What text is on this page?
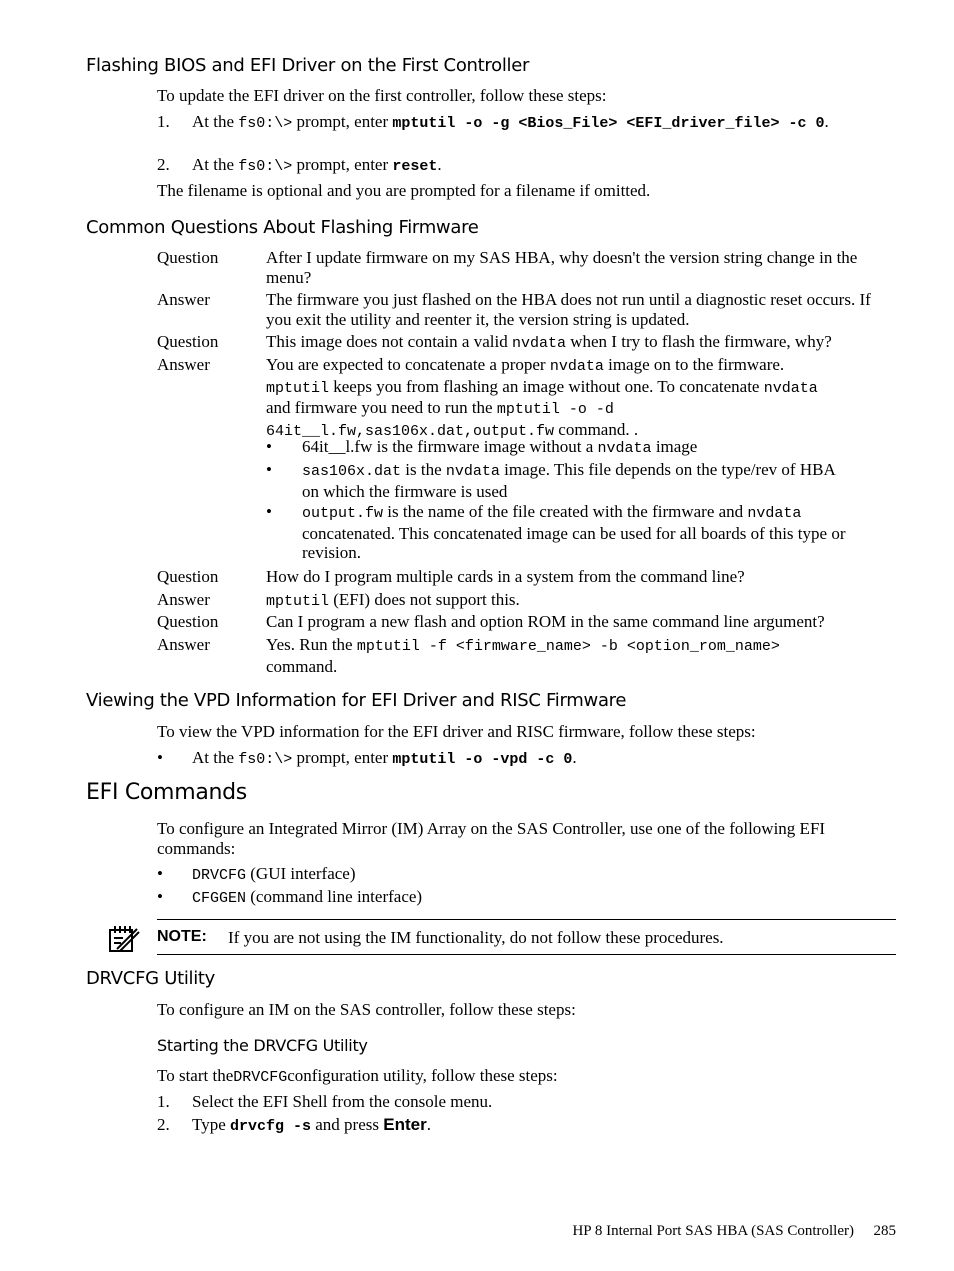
Flashing BIOS and EFI Driver on the First Controller
To update the EFI driver on the first controller, follow these steps:
1. At the fs0:\> prompt, enter mptutil -o -g <Bios_File> <EFI_driver_file> -c 0.
2. At the fs0:\> prompt, enter reset.
The filename is optional and you are prompted for a filename if omitted.
Common Questions About Flashing Firmware
Question	After I update firmware on my SAS HBA, why doesn't the version string change in the menu?
Answer	The firmware you just flashed on the HBA does not run until a diagnostic reset occurs. If you exit the utility and reenter it, the version string is updated.
Question	This image does not contain a valid nvdata when I try to flash the firmware, why?
Answer	You are expected to concatenate a proper nvdata image on to the firmware.
mptutil keeps you from flashing an image without one. To concatenate nvdata
and firmware you need to run the mptutil -o -d
64it__l.fw,sas106x.dat,output.fw command. .
• 64it__l.fw is the firmware image without a nvdata image
• sas106x.dat is the nvdata image. This file depends on the type/rev of HBA
on which the firmware is used
• output.fw is the name of the file created with the firmware and nvdata
concatenated. This concatenated image can be used for all boards of this type or revision.
Question	How do I program multiple cards in a system from the command line?
Answer	mptutil (EFI) does not support this.
Question	Can I program a new flash and option ROM in the same command line argument?
Answer	Yes. Run the mptutil -f <firmware_name> -b <option_rom_name>
command.
Viewing the VPD Information for EFI Driver and RISC Firmware
To view the VPD information for the EFI driver and RISC firmware, follow these steps:
• At the fs0:\> prompt, enter mptutil -o -vpd -c 0.
EFI Commands
To configure an Integrated Mirror (IM) Array on the SAS Controller, use one of the following EFI commands:
• DRVCFG (GUI interface)
• CFGGEN (command line interface)
NOTE: If you are not using the IM functionality, do not follow these procedures.
DRVCFG Utility
To configure an IM on the SAS controller, follow these steps:
Starting the DRVCFG Utility
To start theDRVCFGconfiguration utility, follow these steps:
1. Select the EFI Shell from the console menu.
2. Type drvcfg -s and press Enter.
HP 8 Internal Port SAS HBA (SAS Controller) 285
